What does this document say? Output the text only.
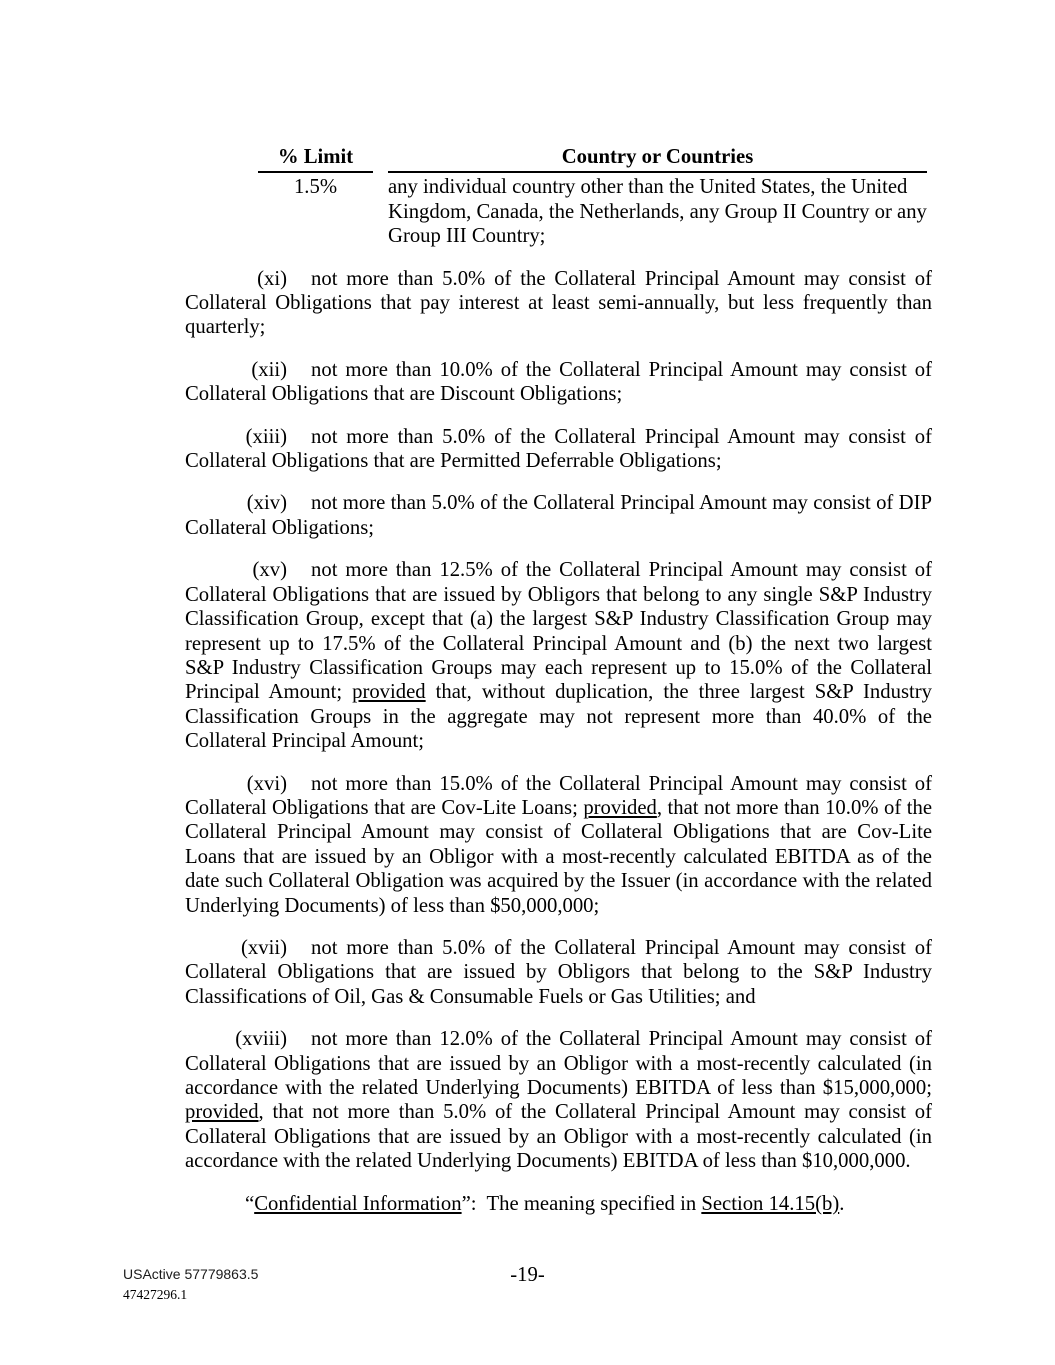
% Limit	Country or Countries
1.5%	any individual country other than the United States, the United Kingdom, Canada, the Netherlands, any Group II Country or any Group III Country;

(xi) not more than 5.0% of the Collateral Principal Amount may consist of Collateral Obligations that pay interest at least semi-annually, but less frequently than quarterly;

(xii) not more than 10.0% of the Collateral Principal Amount may consist of Collateral Obligations that are Discount Obligations;

(xiii) not more than 5.0% of the Collateral Principal Amount may consist of Collateral Obligations that are Permitted Deferrable Obligations;

(xiv) not more than 5.0% of the Collateral Principal Amount may consist of DIP Collateral Obligations;

(xv) not more than 12.5% of the Collateral Principal Amount may consist of Collateral Obligations that are issued by Obligors that belong to any single S&P Industry Classification Group, except that (a) the largest S&P Industry Classification Group may represent up to 17.5% of the Collateral Principal Amount and (b) the next two largest S&P Industry Classification Groups may each represent up to 15.0% of the Collateral Principal Amount; provided that, without duplication, the three largest S&P Industry Classification Groups in the aggregate may not represent more than 40.0% of the Collateral Principal Amount;

(xvi) not more than 15.0% of the Collateral Principal Amount may consist of Collateral Obligations that are Cov-Lite Loans; provided, that not more than 10.0% of the Collateral Principal Amount may consist of Collateral Obligations that are Cov-Lite Loans that are issued by an Obligor with a most-recently calculated EBITDA as of the date such Collateral Obligation was acquired by the Issuer (in accordance with the related Underlying Documents) of less than $50,000,000;

(xvii) not more than 5.0% of the Collateral Principal Amount may consist of Collateral Obligations that are issued by Obligors that belong to the S&P Industry Classifications of Oil, Gas & Consumable Fuels or Gas Utilities; and

(xviii) not more than 12.0% of the Collateral Principal Amount may consist of Collateral Obligations that are issued by an Obligor with a most-recently calculated (in accordance with the related Underlying Documents) EBITDA of less than $15,000,000; provided, that not more than 5.0% of the Collateral Principal Amount may consist of Collateral Obligations that are issued by an Obligor with a most-recently calculated (in accordance with the related Underlying Documents) EBITDA of less than $10,000,000.

“Confidential Information”:  The meaning specified in Section 14.15(b).

USActive 57779863.5
47427296.1
-19-
